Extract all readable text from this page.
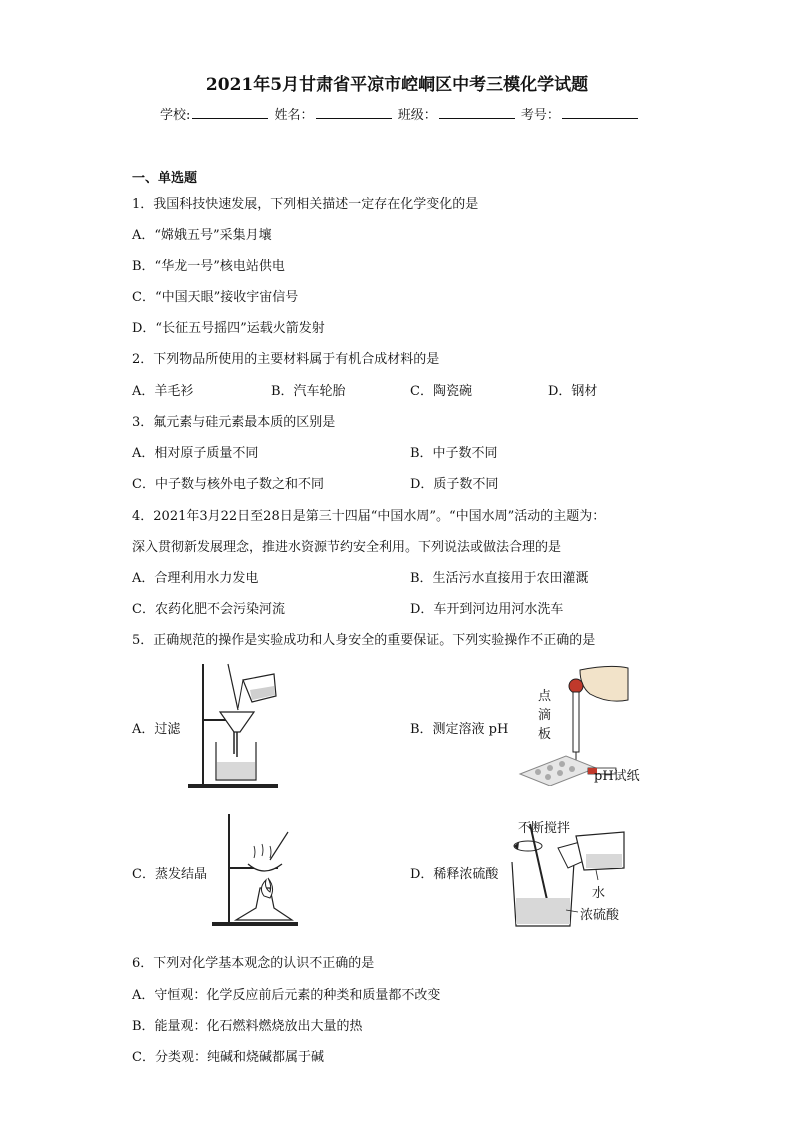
2021年5月甘肃省平凉市崆峒区中考三模化学试题
学校:	姓名：	班级：	考号：
一、单选题
1．我国科技快速发展，下列相关描述一定存在化学变化的是
A．“嫦娥五号”采集月壤
B．“华龙一号”核电站供电
C．“中国天眼”接收宇宙信号
D．“长征五号摇四”运载火箭发射
2．下列物品所使用的主要材料属于有机合成材料的是
A．羊毛衫	B．汽车轮胎	C．陶瓷碗	D．钢材
3．氟元素与硅元素最本质的区别是
A．相对原子质量不同	B．中子数不同
C．中子数与核外电子数之和不同	D．质子数不同
4．2021年3月22日至28日是第三十四届“中国水周”。“中国水周”活动的主题为：
深入贯彻新发展理念，推进水资源节约安全利用。下列说法或做法合理的是
A．合理利用水力发电	B．生活污水直接用于农田灌溉
C．农药化肥不会污染河流	D．车开到河边用河水洗车
5．正确规范的操作是实验成功和人身安全的重要保证。下列实验操作不正确的是
A．过滤	B．测定溶液 pH
点滴板
pH试纸
C．蒸发结晶	D．稀释浓硫酸
不断搅拌
水
浓硫酸
6．下列对化学基本观念的认识不正确的是
A．守恒观：化学反应前后元素的种类和质量都不改变
B．能量观：化石燃料燃烧放出大量的热
C．分类观：纯碱和烧碱都属于碱
